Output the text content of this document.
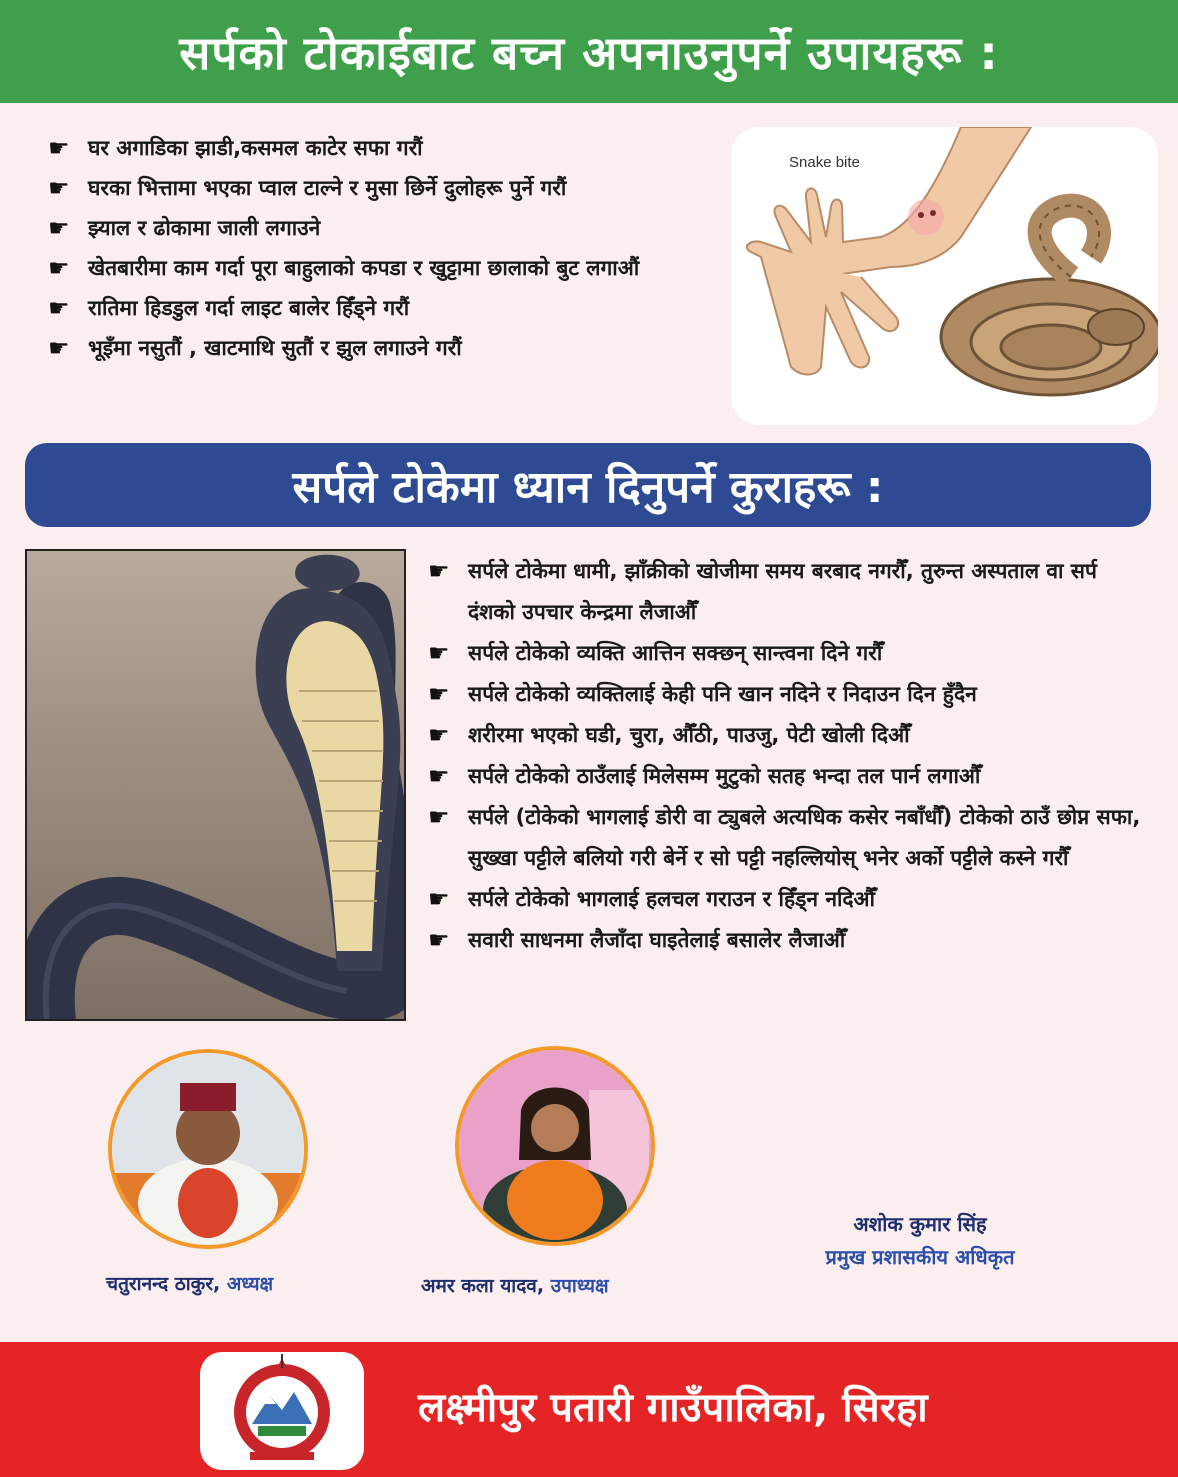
सर्पको टोकाईबाट बच्न अपनाउनुपर्ने उपायहरू :
☛ घर अगाडिका झाडी,कसमल काटेर सफा गरौं
☛ घरका भित्तामा भएका प्वाल टाल्ने र मुसा छिर्ने दुलोहरू पुर्ने गरौं
☛ झ्याल र ढोकामा जाली लगाउने
☛ खेतबारीमा काम गर्दा पूरा बाहुलाको कपडा र खुट्टामा छालाको बुट लगाऔं
☛ रातिमा हिडडुल गर्दा लाइट बालेर हिँड्ने गरौं
☛ भूइँमा नसुतौं , खाटमाथि सुतौं र झुल लगाउने गरौं
Snake bite
सर्पले टोकेमा ध्यान दिनुपर्ने कुराहरू :
☛ सर्पले टोकेमा धामी, झाँक्रीको खोजीमा समय बरबाद नगरौँ, तुरुन्त अस्पताल वा सर्प दंशको उपचार केन्द्रमा लैजाऔँ
☛ सर्पले टोकेको व्यक्ति आत्तिन सक्छन् सान्त्वना दिने गरौँ
☛ सर्पले टोकेको व्यक्तिलाई केही पनि खान नदिने र निदाउन दिन हुँदैन
☛ शरीरमा भएको घडी, चुरा, औँठी, पाउजु, पेटी खोली दिऔँ
☛ सर्पले टोकेको ठाउँलाई मिलेसम्म मुटुको सतह भन्दा तल पार्न लगाऔँ
☛ सर्पले (टोकेको भागलाई डोरी वा ट्युबले अत्यधिक कसेर नबाँधौँ) टोकेको ठाउँ छोप्न सफा, सुख्खा पट्टीले बलियो गरी बेर्ने र सो पट्टी नहल्लियोस् भनेर अर्को पट्टीले कस्ने गरौँ
☛ सर्पले टोकेको भागलाई हलचल गराउन र हिँड्न नदिऔँ
☛ सवारी साधनमा लैजाँदा घाइतेलाई बसालेर लैजाऔँ
चतुरानन्द ठाकुर, अध्यक्ष	अमर कला यादव, उपाध्यक्ष
अशोक कुमार सिंह
प्रमुख प्रशासकीय अधिकृत
लक्ष्मीपुर पतारी गाउँपालिका, सिरहा
